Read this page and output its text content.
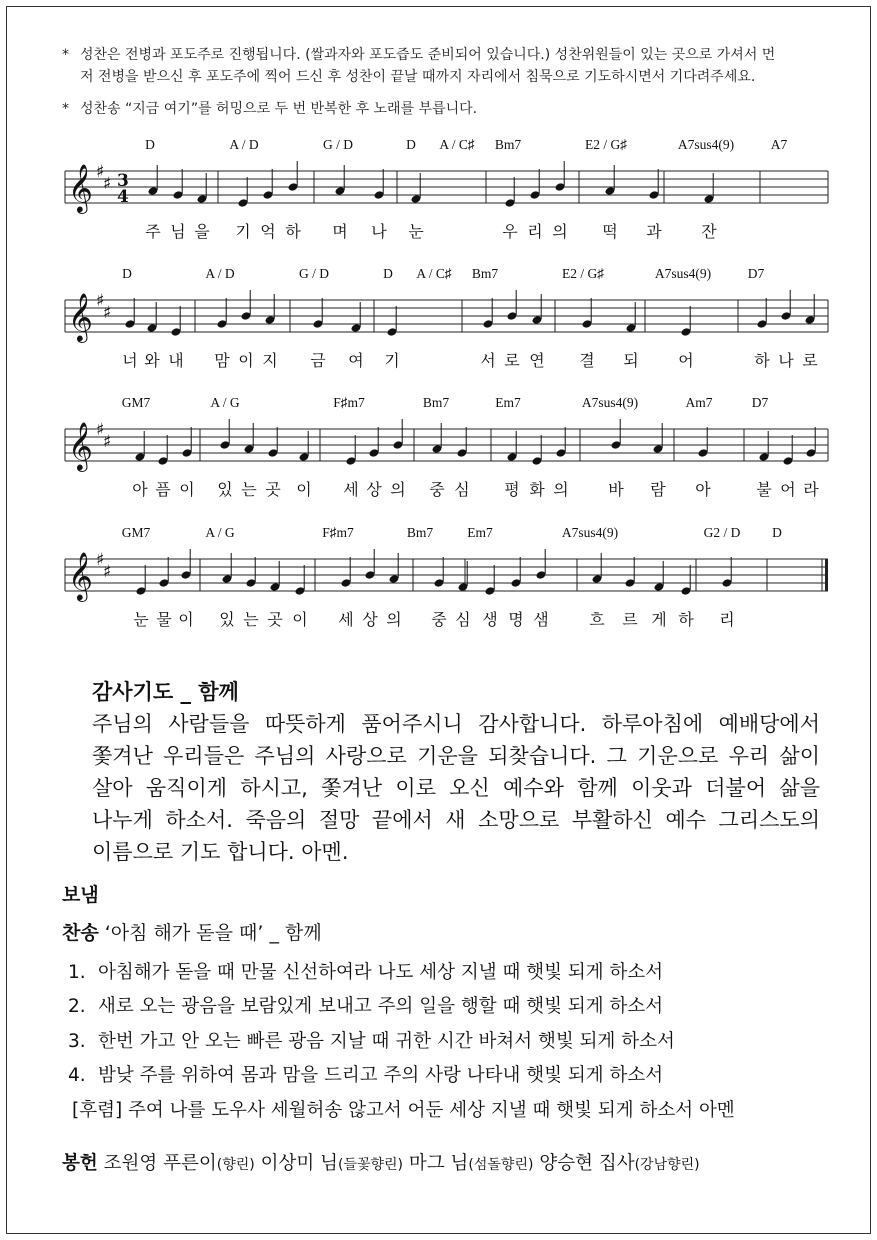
* 성찬은 전병과 포도주로 진행됩니다. (쌀과자와 포도즙도 준비되어 있습니다.) 성찬위원들이 있는 곳으로 가셔서 먼
저 전병을 받으신 후 포도주에 찍어 드신 후 성찬이 끝날 때까지 자리에서 침묵으로 기도하시면서 기다려주세요.
* 성찬송 “지금 여기”를 허밍으로 두 번 반복한 후 노래를 부릅니다.
𝄞 ♯
♯ 3
4
D	A / D	G / D	D A / C♯ Bm7	E2 / G♯	A7sus4(9)	A7
주 님 을 기 억 하 며 나 눈	우 리 의 떡 과 잔
𝄞 ♯
♯
D	A / D	G / D	D A / C♯ Bm7	E2 / G♯	A7sus4(9)	D7
너 와 내 맘 이 지 금 여 기	서 로 연 결 되 어	하 나 로
𝄞 ♯
♯
GM7	A / G	F♯m7	Bm7	Em7	A7sus4(9)	Am7	D7
아 픔 이 있 는 곳 이 세 상 의 중 심 평 화 의 바 람 아	불 어 라
𝄞 ♯
♯
GM7	A / G	F♯m7	Bm7	Em7	A7sus4(9)	G2 / D D
눈 물 이 있 는 곳 이 세 상 의 중 심 생 명 샘	흐 르 게 하 리
감사기도 _ 함께
주님의 사람들을 따뜻하게 품어주시니 감사합니다. 하루아침에 예배당에서 쫓겨난 우리들은 주님의 사랑으로 기운을 되찾습니다. 그 기운으로 우리 삶이 살아 움직이게 하시고, 쫓겨난 이로 오신 예수와 함께 이웃과 더불어 삶을 나누게 하소서. 죽음의 절망 끝에서 새 소망으로 부활하신 예수 그리스도의 이름으로 기도 합니다. 아멘.
보냄
찬송 ‘아침 해가 돋을 때’ _ 함께
1. 아침해가 돋을 때 만물 신선하여라 나도 세상 지낼 때 햇빛 되게 하소서
2. 새로 오는 광음을 보람있게 보내고 주의 일을 행할 때 햇빛 되게 하소서
3. 한번 가고 안 오는 빠른 광음 지날 때 귀한 시간 바쳐서 햇빛 되게 하소서
4. 밤낮 주를 위하여 몸과 맘을 드리고 주의 사랑 나타내 햇빛 되게 하소서
[후렴] 주여 나를 도우사 세월허송 않고서 어둔 세상 지낼 때 햇빛 되게 하소서 아멘
봉헌 조원영 푸른이(향린) 이상미 님(들꽃향린) 마그 님(섬돌향린) 양승현 집사(강남향린)
